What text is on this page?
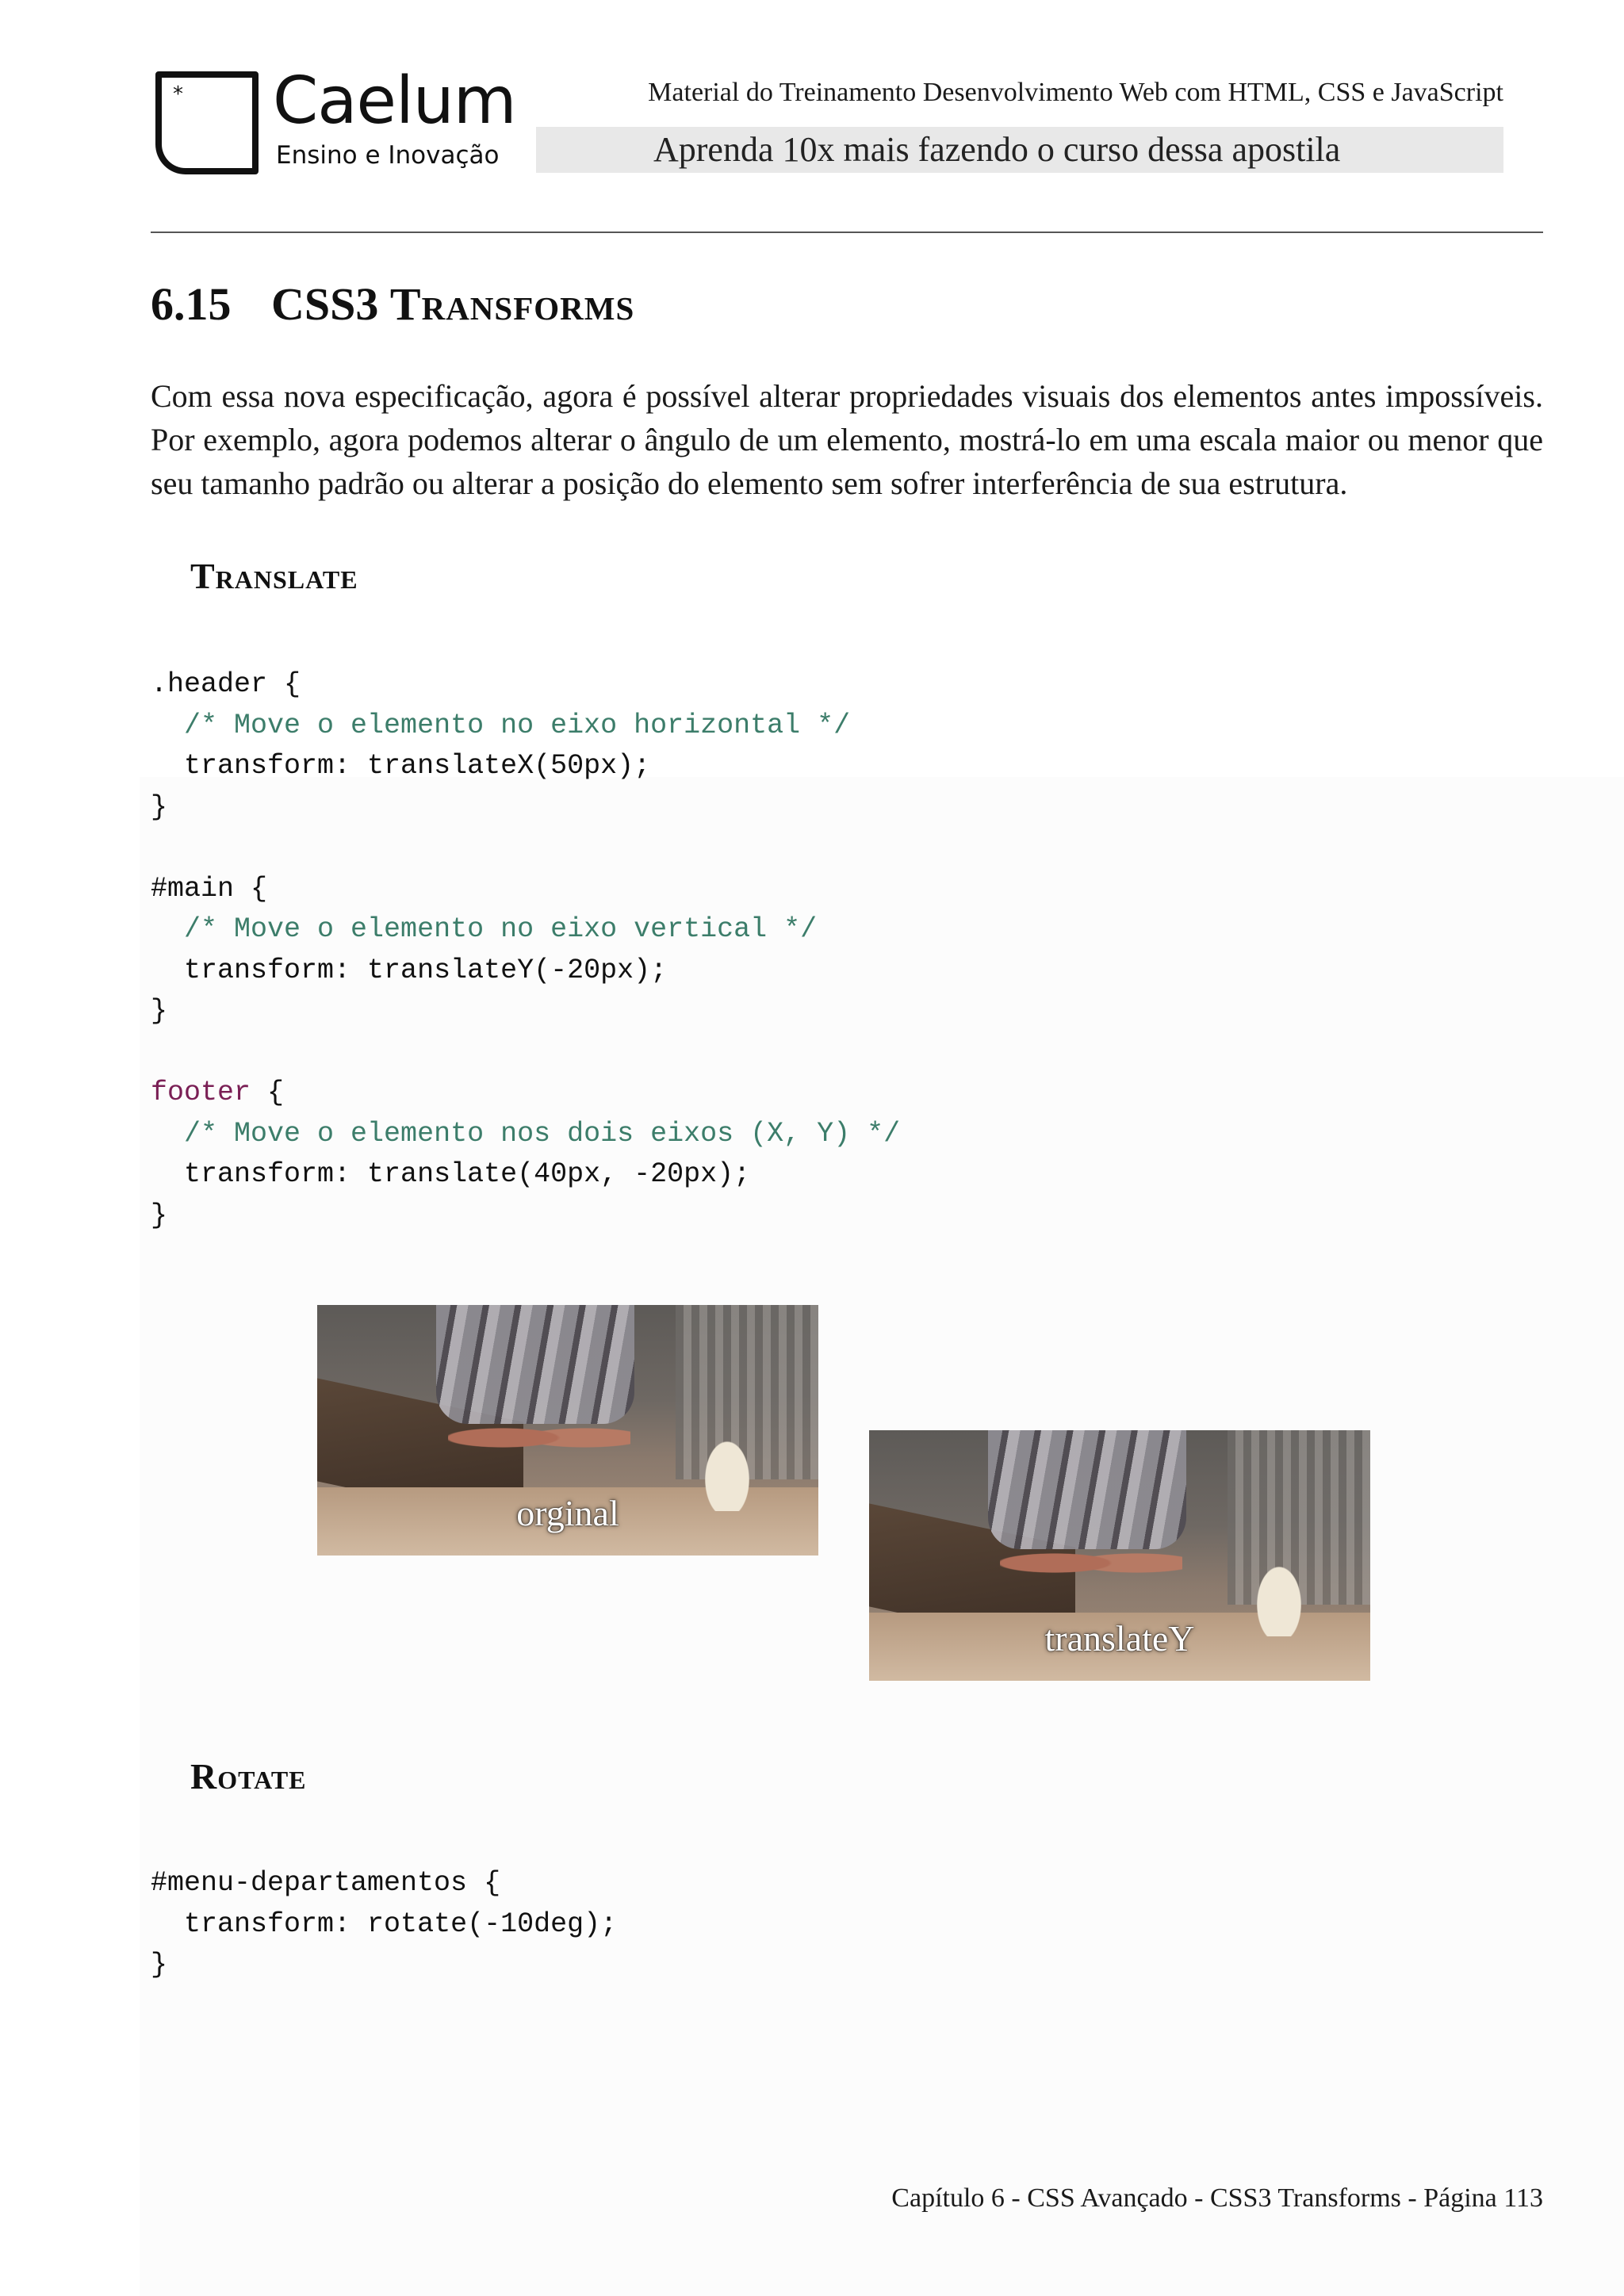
* Caelum
Ensino e Inovação
Material do Treinamento Desenvolvimento Web com HTML, CSS e JavaScript
Aprenda 10x mais fazendo o curso dessa apostila
6.15 CSS3 Transforms
Com essa nova especificação, agora é possível alterar propriedades visuais dos elementos antes impossíveis. Por exemplo, agora podemos alterar o ângulo de um elemento, mostrá-lo em uma escala maior ou menor que seu tamanho padrão ou alterar a posição do elemento sem sofrer interferência de sua estrutura.
Translate
.header {
/* Move o elemento no eixo horizontal */
transform: translateX(50px);
}

#main {
/* Move o elemento no eixo vertical */
transform: translateY(-20px);
}

footer {
/* Move o elemento nos dois eixos (X, Y) */
transform: translate(40px, -20px);
}
orginal
translateY
Rotate
#menu-departamentos {
transform: rotate(-10deg);
}
Capítulo 6 - CSS Avançado - CSS3 Transforms - Página 113
